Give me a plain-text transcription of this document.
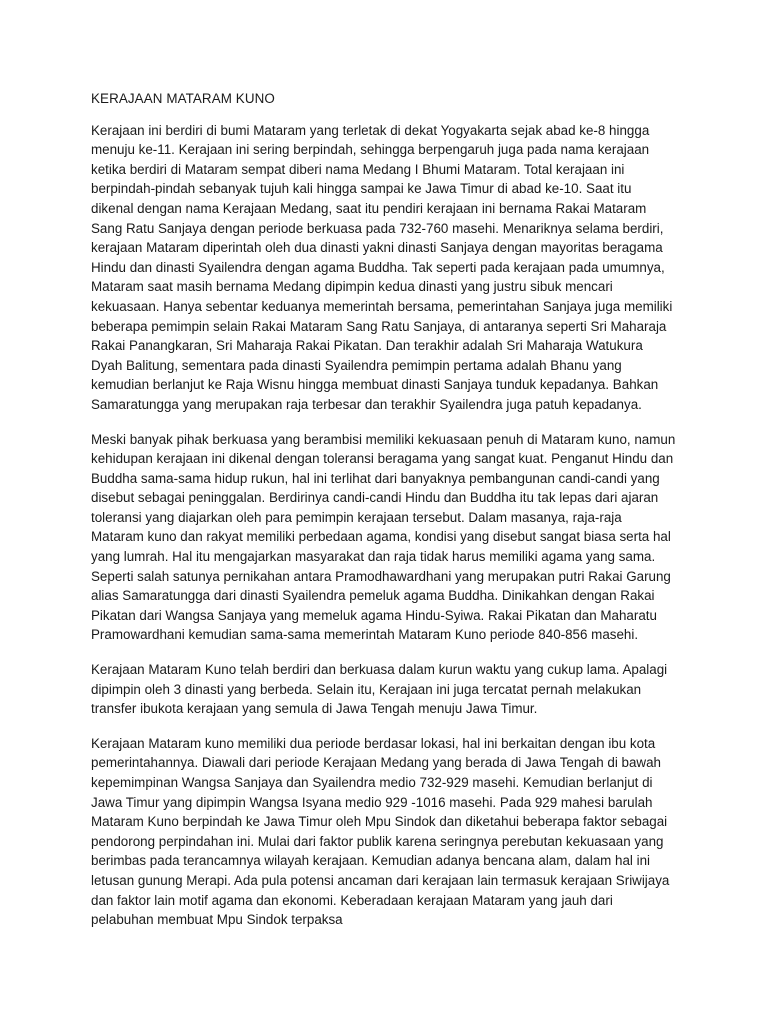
KERAJAAN MATARAM KUNO

Kerajaan ini berdiri di bumi Mataram yang terletak di dekat Yogyakarta sejak abad ke-8 hingga menuju ke-11. Kerajaan ini sering berpindah, sehingga berpengaruh juga pada nama kerajaan ketika berdiri di Mataram sempat diberi nama Medang I Bhumi Mataram. Total kerajaan ini berpindah-pindah sebanyak tujuh kali hingga sampai ke Jawa Timur di abad ke-10. Saat itu dikenal dengan nama Kerajaan Medang, saat itu pendiri kerajaan ini bernama Rakai Mataram Sang Ratu Sanjaya dengan periode berkuasa pada 732-760 masehi. Menariknya selama berdiri, kerajaan Mataram diperintah oleh dua dinasti yakni dinasti Sanjaya dengan mayoritas beragama Hindu dan dinasti Syailendra dengan agama Buddha. Tak seperti pada kerajaan pada umumnya, Mataram saat masih bernama Medang dipimpin kedua dinasti yang justru sibuk mencari kekuasaan. Hanya sebentar keduanya memerintah bersama, pemerintahan Sanjaya juga memiliki beberapa pemimpin selain Rakai Mataram Sang Ratu Sanjaya, di antaranya seperti Sri Maharaja Rakai Panangkaran, Sri Maharaja Rakai Pikatan. Dan terakhir adalah Sri Maharaja Watukura Dyah Balitung, sementara pada dinasti Syailendra pemimpin pertama adalah Bhanu yang kemudian berlanjut ke Raja Wisnu hingga membuat dinasti Sanjaya tunduk kepadanya. Bahkan Samaratungga yang merupakan raja terbesar dan terakhir Syailendra juga patuh kepadanya.

Meski banyak pihak berkuasa yang berambisi memiliki kekuasaan penuh di Mataram kuno, namun kehidupan kerajaan ini dikenal dengan toleransi beragama yang sangat kuat. Penganut Hindu dan Buddha sama-sama hidup rukun, hal ini terlihat dari banyaknya pembangunan candi-candi yang disebut sebagai peninggalan. Berdirinya candi-candi Hindu dan Buddha itu tak lepas dari ajaran toleransi yang diajarkan oleh para pemimpin kerajaan tersebut. Dalam masanya, raja-raja Mataram kuno dan rakyat memiliki perbedaan agama, kondisi yang disebut sangat biasa serta hal yang lumrah. Hal itu mengajarkan masyarakat dan raja tidak harus memiliki agama yang sama. Seperti salah satunya pernikahan antara Pramodhawardhani yang merupakan putri Rakai Garung alias Samaratungga dari dinasti Syailendra pemeluk agama Buddha. Dinikahkan dengan Rakai Pikatan dari Wangsa Sanjaya yang memeluk agama Hindu-Syiwa. Rakai Pikatan dan Maharatu Pramowardhani kemudian sama-sama memerintah Mataram Kuno periode 840-856 masehi.

Kerajaan Mataram Kuno telah berdiri dan berkuasa dalam kurun waktu yang cukup lama. Apalagi dipimpin oleh 3 dinasti yang berbeda. Selain itu, Kerajaan ini juga tercatat pernah melakukan transfer ibukota kerajaan yang semula di Jawa Tengah menuju Jawa Timur.

Kerajaan Mataram kuno memiliki dua periode berdasar lokasi, hal ini berkaitan dengan ibu kota pemerintahannya. Diawali dari periode Kerajaan Medang yang berada di Jawa Tengah di bawah kepemimpinan Wangsa Sanjaya dan Syailendra medio 732-929 masehi. Kemudian berlanjut di Jawa Timur yang dipimpin Wangsa Isyana medio 929 -1016 masehi. Pada 929 mahesi barulah Mataram Kuno berpindah ke Jawa Timur oleh Mpu Sindok dan diketahui beberapa faktor sebagai pendorong perpindahan ini. Mulai dari faktor publik karena seringnya perebutan kekuasaan yang berimbas pada terancamnya wilayah kerajaan. Kemudian adanya bencana alam, dalam hal ini letusan gunung Merapi. Ada pula potensi ancaman dari kerajaan lain termasuk kerajaan Sriwijaya dan faktor lain motif agama dan ekonomi. Keberadaan kerajaan Mataram yang jauh dari pelabuhan membuat Mpu Sindok terpaksa
